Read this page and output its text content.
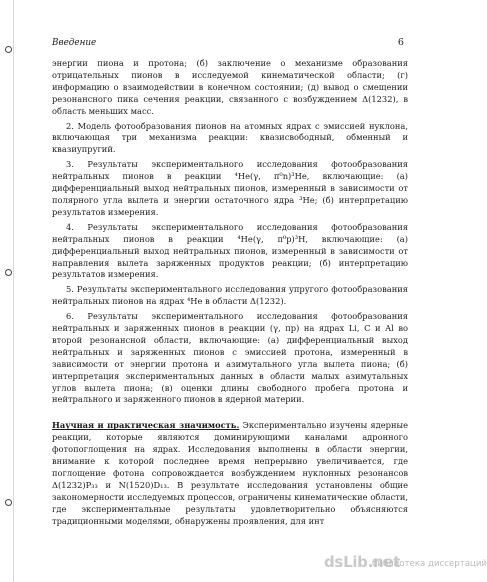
Введение	6

энергии пиона и протона; (б) заключение о механизме образования отрицательных пионов в исследуемой кинематической области; (г) информацию о взаимодействии в конечном состоянии; (д) вывод о смещении резонансного пика сечения реакции, связанного с возбуждением Δ(1232), в область меньших масс.

2. Модель фотообразования пионов на атомных ядрах с эмиссией нуклона, включающая три механизма реакции: квазисвободный, обменный и квазиупругий.

3. Результаты экспериментального исследования фотообразования нейтральных пионов в реакции ⁴He(γ, π⁰n)³He, включающие: (а) дифференциальный выход нейтральных пионов, измеренный в зависимости от полярного угла вылета и энергии остаточного ядра ³He; (б) интерпретацию результатов измерения.

4. Результаты экспериментального исследования фотообразования нейтральных пионов в реакции ⁴He(γ, π⁰p)³H, включающие: (а) дифференциальный выход нейтральных пионов, измеренный в зависимости от направления вылета заряженных продуктов реакции; (б) интерпретацию результатов измерения.

5. Результаты экспериментального исследования упругого фотообразования нейтральных пионов на ядрах ⁴Не в области Δ(1232).

6. Результаты экспериментального исследования фотообразования нейтральных и заряженных пионов в реакции (γ, πp) на ядрах Li, C и Al во второй резонансной области, включающие: (а) дифференциальный выход нейтральных и заряженных пионов с эмиссией протона, измеренный в зависимости от энергии протона и азимутального угла вылета пиона; (б) интерпретация экспериментальных данных в области малых азимутальных углов вылета пиона; (в) оценки длины свободного пробега протона и нейтрального и заряженного пионов в ядерной материи.

Научная и практическая значимость. Экспериментально изучены ядерные реакции, которые являются доминирующими каналами адронного фотопоглощения на ядрах. Исследования выполнены в области энергии, внимание к которой последнее время непрерывно увеличивается, где поглощение фотона сопровождается возбуждением нуклонных резонансов Δ(1232)P₃₃ и N(1520)D₁₃. В результате исследования установлены общие закономерности исследуемых процессов, ограничены кинематические области, где экспериментальные результаты удовлетворительно объясняются традиционными моделями, обнаружены проявления, для инт

dsLib.net
библиотека диссертаций
